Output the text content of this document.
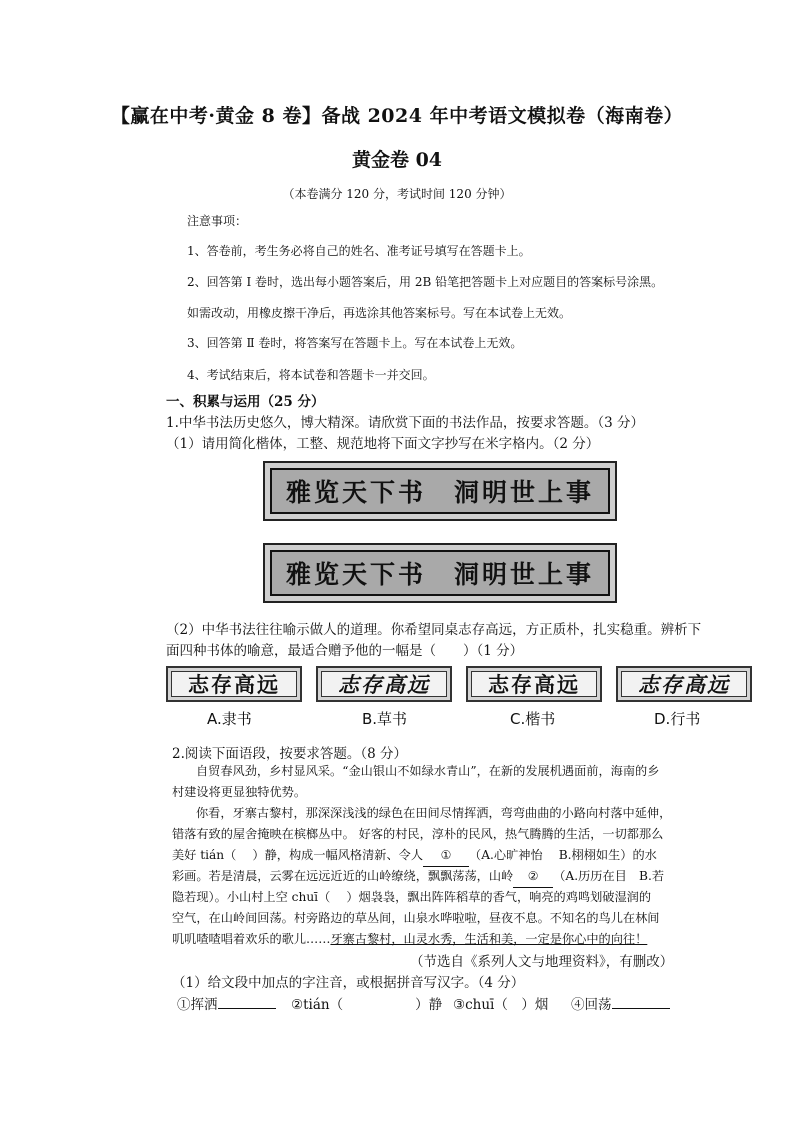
【赢在中考·黄金 8 卷】备战 2024 年中考语文模拟卷（海南卷）
黄金卷 04
（本卷满分 120 分，考试时间 120 分钟）
注意事项：
1、答卷前，考生务必将自己的姓名、准考证号填写在答题卡上。
2、回答第 Ⅰ 卷时，选出每小题答案后，用 2B 铅笔把答题卡上对应题目的答案标号涂黑。
如需改动，用橡皮擦干净后，再选涂其他答案标号。写在本试卷上无效。
3、回答第 Ⅱ 卷时，将答案写在答题卡上。写在本试卷上无效。
4、考试结束后，将本试卷和答题卡一并交回。
一、积累与运用（25 分）
1.中华书法历史悠久，博大精深。请欣赏下面的书法作品，按要求答题。（3 分）
（1）请用简化楷体，工整、规范地将下面文字抄写在米字格内。（2 分）
雅览天下书 洞明世上事
雅览天下书 洞明世上事
（2）中华书法往往喻示做人的道理。你希望同桌志存高远，方正质朴，扎实稳重。辨析下
面四种书体的喻意，最适合赠予他的一幅是（　　）（1 分）
志存高远	志存高远	志存高远	志存高远
A.隶书	B.草书	C.楷书	D.行书
2.阅读下面语段，按要求答题。（8 分）
自贸春风劲，乡村显风采。“金山银山不如绿水青山”，在新的发展机遇面前，海南的乡
村建设将更显独特优势。
你看，牙寨古黎村，那深深浅浅的绿色在田间尽情挥洒，弯弯曲曲的小路向村落中延伸，
错落有致的屋舍掩映在槟榔丛中。 好客的村民，淳朴的民风，热气腾腾的生活，一切都那么
美好 tián（　 ）静，构成一幅风格清新、令人 ① （A.心旷神怡　 B.栩栩如生）的水
彩画。若是清晨，云雾在远远近近的山岭缭绕，飘飘荡荡，山岭 ② （A.历历在目　B.若
隐若现）。小山村上空 chuī（　 ）烟袅袅，飘出阵阵稻草的香气，响亮的鸡鸣划破湿润的
空气，在山岭间回荡。村旁路边的草丛间，山泉水哗啦啦，昼夜不息。不知名的鸟儿在林间
叽叽喳喳唱着欢乐的歌儿……牙寨古黎村，山灵水秀，生活和美，一定是你心中的向往！
（节选自《系列人文与地理资料》，有删改）
（1）给文段中加点的字注音，或根据拼音写汉字。（4 分）
①挥洒	②tián（	）静 ③chuī（　）烟 ④回荡
